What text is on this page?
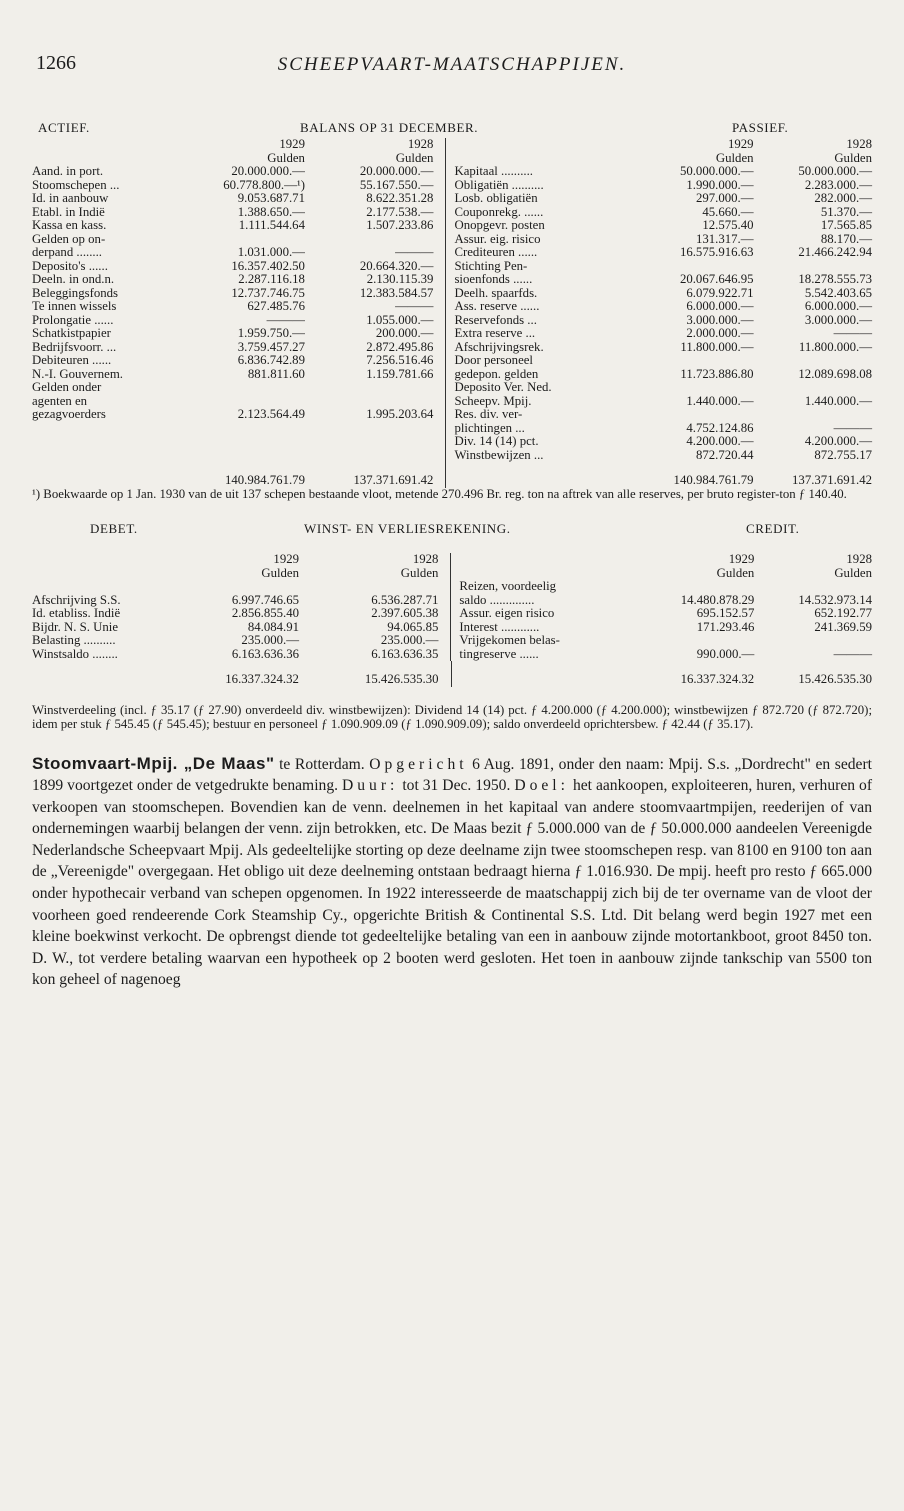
1266	SCHEEPVAART-MAATSCHAPPIJEN.
ACTIEF.	BALANS OP 31 DECEMBER.	PASSIEF.
	1929	1928		1929	1928
	Gulden	Gulden		Gulden	Gulden
Aand. in port.	20.000.000.—	20.000.000.—	Kapitaal ..........	50.000.000.—	50.000.000.—
Stoomschepen ...	60.778.800.—¹)	55.167.550.—	Obligatiën ..........	1.990.000.—	2.283.000.—
Id. in aanbouw	9.053.687.71	8.622.351.28	Losb. obligatiën	297.000.—	282.000.—
Etabl. in Indië	1.388.650.—	2.177.538.—	Couponrekg. ......	45.660.—	51.370.—
Kassa en kass.	1.111.544.64	1.507.233.86	Onopgevr. posten	12.575.40	17.565.85
Gelden op on-			Assur. eig. risico	131.317.—	88.170.—
derpand ........	1.031.000.—	———	Crediteuren ......	16.575.916.63	21.466.242.94
Deposito's ......	16.357.402.50	20.664.320.—	Stichting Pen-		
Deeln. in ond.n.	2.287.116.18	2.130.115.39	sioenfonds ......	20.067.646.95	18.278.555.73
Beleggingsfonds	12.737.746.75	12.383.584.57	Deelh. spaarfds.	6.079.922.71	5.542.403.65
Te innen wissels	627.485.76	———	Ass. reserve ......	6.000.000.—	6.000.000.—
Prolongatie ......	———	1.055.000.—	Reservefonds ...	3.000.000.—	3.000.000.—
Schatkistpapier	1.959.750.—	200.000.—	Extra reserve ...	2.000.000.—	———
Bedrijfsvoorr. ...	3.759.457.27	2.872.495.86	Afschrijvingsrek.	11.800.000.—	11.800.000.—
Debiteuren ......	6.836.742.89	7.256.516.46	Door personeel		
N.-I. Gouvernem.	881.811.60	1.159.781.66	gedepon. gelden	11.723.886.80	12.089.698.08
Gelden onder			Deposito Ver. Ned.		
agenten en			Scheepv. Mpij.	1.440.000.—	1.440.000.—
gezagvoerders	2.123.564.49	1.995.203.64	Res. div. ver-		
			plichtingen ...	4.752.124.86	———
			Div. 14 (14) pct.	4.200.000.—	4.200.000.—
			Winstbewijzen ...	872.720.44	872.755.17
	140.984.761.79	137.371.691.42		140.984.761.79	137.371.691.42
¹) Boekwaarde op 1 Jan. 1930 van de uit 137 schepen bestaande vloot, metende 270.496 Br. reg. ton na aftrek van alle reserves, per bruto register-ton ƒ 140.40.
DEBET.	WINST- EN VERLIESREKENING.	CREDIT.
	1929	1928		1929	1928
	Gulden	Gulden		Gulden	Gulden
			Reizen, voordeelig		
Afschrijving S.S.	6.997.746.65	6.536.287.71	saldo ..............	14.480.878.29	14.532.973.14
Id. etabliss. Indië	2.856.855.40	2.397.605.38	Assur. eigen risico	695.152.57	652.192.77
Bijdr. N. S. Unie	84.084.91	94.065.85	Interest ............	171.293.46	241.369.59
Belasting ..........	235.000.—	235.000.—	Vrijgekomen belas-		
Winstsaldo ........	6.163.636.36	6.163.636.35	tingreserve ......	990.000.—	———
	16.337.324.32	15.426.535.30		16.337.324.32	15.426.535.30
Winstverdeeling (incl. ƒ 35.17 (ƒ 27.90) onverdeeld div. winstbewijzen): Dividend 14 (14) pct. ƒ 4.200.000 (ƒ 4.200.000); winstbewijzen ƒ 872.720 (ƒ 872.720); idem per stuk ƒ 545.45 (ƒ 545.45); bestuur en personeel ƒ 1.090.909.09 (ƒ 1.090.909.09); saldo onverdeeld oprichtersbew. ƒ 42.44 (ƒ 35.17).
Stoomvaart-Mpij. „De Maas" te Rotterdam. Opgericht 6 Aug. 1891, onder den naam: Mpij. S.s. „Dordrecht" en sedert 1899 voortgezet onder de vetgedrukte benaming. Duur: tot 31 Dec. 1950. Doel: het aankoopen, exploiteeren, huren, verhuren of verkoopen van stoomschepen. Bovendien kan de venn. deelnemen in het kapitaal van andere stoomvaartmpijen, reederijen of van ondernemingen waarbij belangen der venn. zijn betrokken, etc. De Maas bezit ƒ 5.000.000 van de ƒ 50.000.000 aandeelen Vereenigde Nederlandsche Scheepvaart Mpij. Als gedeeltelijke storting op deze deelname zijn twee stoomschepen resp. van 8100 en 9100 ton aan de „Vereenigde" overgegaan. Het obligo uit deze deelneming ontstaan bedraagt hierna ƒ 1.016.930. De mpij. heeft pro resto ƒ 665.000 onder hypothecair verband van schepen opgenomen. In 1922 interesseerde de maatschappij zich bij de ter overname van de vloot der voorheen goed rendeerende Cork Steamship Cy., opgerichte British & Continental S.S. Ltd. Dit belang werd begin 1927 met een kleine boekwinst verkocht. De opbrengst diende tot gedeeltelijke betaling van een in aanbouw zijnde motortankboot, groot 8450 ton. D. W., tot verdere betaling waarvan een hypotheek op 2 booten werd gesloten. Het toen in aanbouw zijnde tankschip van 5500 ton kon geheel of nagenoeg
